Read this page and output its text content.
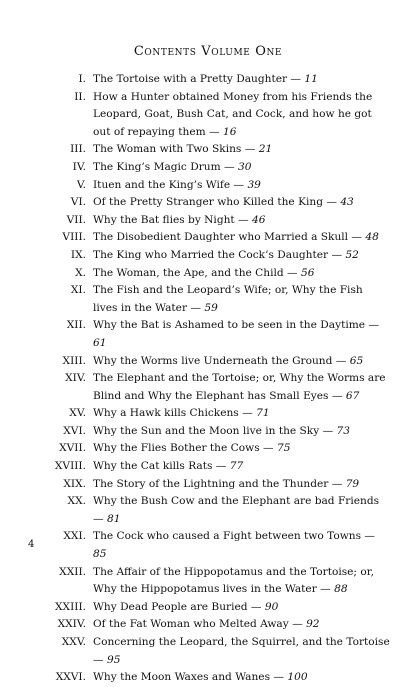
Contents Volume One
I. The Tortoise with a Pretty Daughter — 11
II. How a Hunter obtained Money from his Friends the Leopard, Goat, Bush Cat, and Cock, and how he got out of repaying them — 16
III. The Woman with Two Skins — 21
IV. The King’s Magic Drum — 30
V. Ituen and the King’s Wife — 39
VI. Of the Pretty Stranger who Killed the King — 43
VII. Why the Bat flies by Night — 46
VIII. The Disobedient Daughter who Married a Skull — 48
IX. The King who Married the Cock’s Daughter — 52
X. The Woman, the Ape, and the Child — 56
XI. The Fish and the Leopard’s Wife; or, Why the Fish lives in the Water — 59
XII. Why the Bat is Ashamed to be seen in the Daytime — 61
XIII. Why the Worms live Underneath the Ground — 65
XIV. The Elephant and the Tortoise; or, Why the Worms are Blind and Why the Elephant has Small Eyes — 67
XV. Why a Hawk kills Chickens — 71
XVI. Why the Sun and the Moon live in the Sky — 73
XVII. Why the Flies Bother the Cows — 75
XVIII. Why the Cat kills Rats — 77
XIX. The Story of the Lightning and the Thunder — 79
XX. Why the Bush Cow and the Elephant are bad Friends — 81
XXI. The Cock who caused a Fight between two Towns — 85
XXII. The Affair of the Hippopotamus and the Tortoise; or, Why the Hippopotamus lives in the Water — 88
XXIII. Why Dead People are Buried — 90
XXIV. Of the Fat Woman who Melted Away — 92
XXV. Concerning the Leopard, the Squirrel, and the Tortoise — 95
XXVI. Why the Moon Waxes and Wanes — 100
4
